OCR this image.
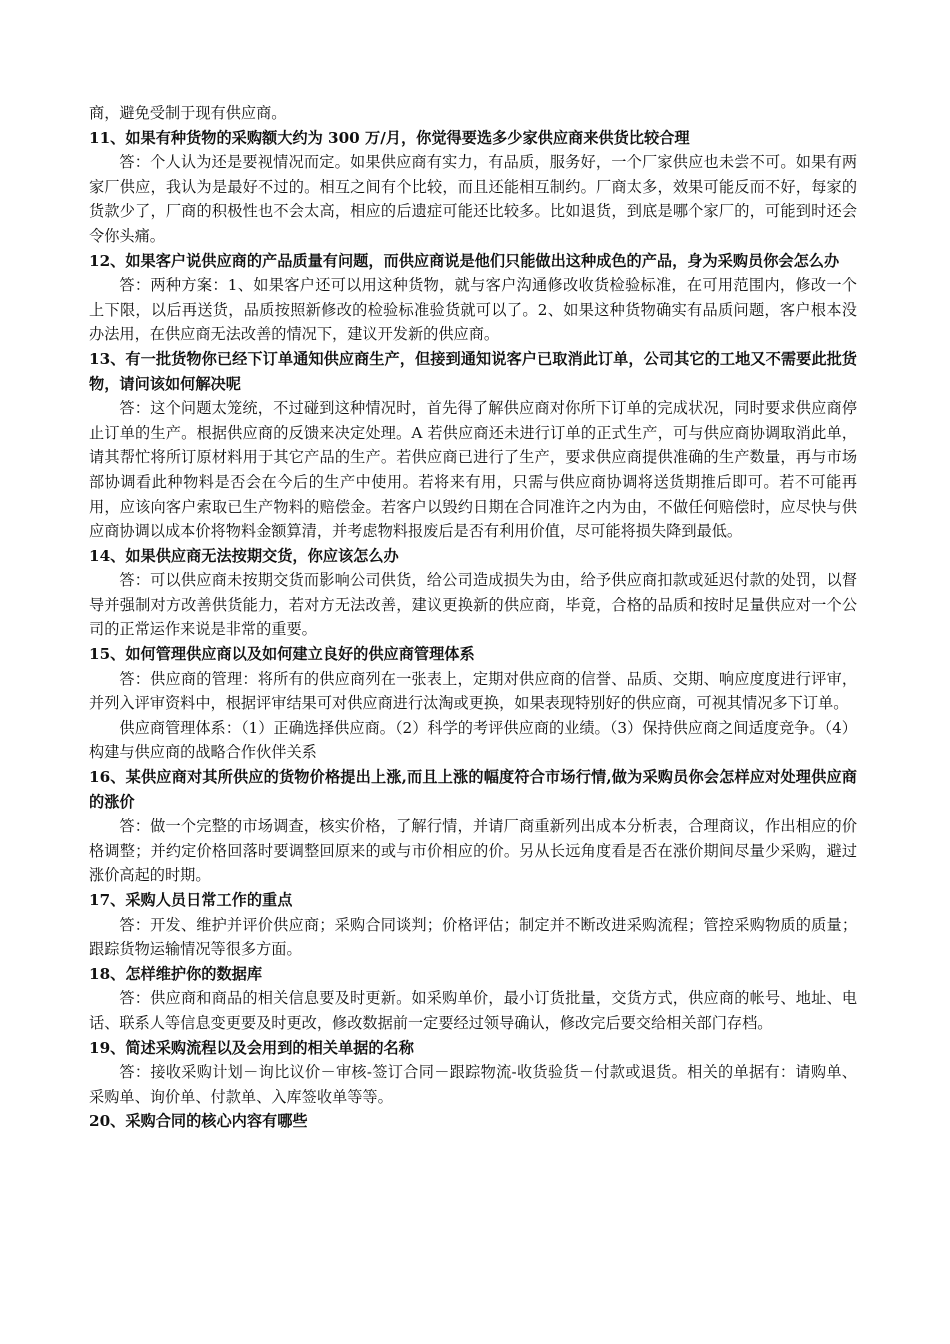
商，避免受制于现有供应商。

11、如果有种货物的采购额大约为 300 万/月，你觉得要选多少家供应商来供货比较合理

答：个人认为还是要视情况而定。如果供应商有实力，有品质，服务好，一个厂家供应也未尝不可。如果有两家厂供应，我认为是最好不过的。相互之间有个比较，而且还能相互制约。厂商太多，效果可能反而不好，每家的货款少了，厂商的积极性也不会太高，相应的后遗症可能还比较多。比如退货，到底是哪个家厂的，可能到时还会令你头痛。

12、如果客户说供应商的产品质量有问题，而供应商说是他们只能做出这种成色的产品，身为采购员你会怎么办

答：两种方案：1、如果客户还可以用这种货物，就与客户沟通修改收货检验标准，在可用范围内，修改一个上下限，以后再送货，品质按照新修改的检验标准验货就可以了。2、如果这种货物确实有品质问题，客户根本没办法用，在供应商无法改善的情况下，建议开发新的供应商。

13、有一批货物你已经下订单通知供应商生产，但接到通知说客户已取消此订单，公司其它的工地又不需要此批货物，请问该如何解决呢

答：这个问题太笼统，不过碰到这种情况时，首先得了解供应商对你所下订单的完成状况，同时要求供应商停止订单的生产。根据供应商的反馈来决定处理。A 若供应商还未进行订单的正式生产，可与供应商协调取消此单，请其帮忙将所订原材料用于其它产品的生产。若供应商已进行了生产，要求供应商提供准确的生产数量，再与市场部协调看此种物料是否会在今后的生产中使用。若将来有用，只需与供应商协调将送货期推后即可。若不可能再用，应该向客户索取已生产物料的赔偿金。若客户以毁约日期在合同准许之内为由，不做任何赔偿时，应尽快与供应商协调以成本价将物料金额算清，并考虑物料报废后是否有利用价值，尽可能将损失降到最低。

14、如果供应商无法按期交货，你应该怎么办

答：可以供应商未按期交货而影响公司供货，给公司造成损失为由，给予供应商扣款或延迟付款的处罚，以督导并强制对方改善供货能力，若对方无法改善，建议更换新的供应商，毕竟，合格的品质和按时足量供应对一个公司的正常运作来说是非常的重要。

15、如何管理供应商以及如何建立良好的供应商管理体系

答：供应商的管理：将所有的供应商列在一张表上，定期对供应商的信誉、品质、交期、响应度度进行评审，并列入评审资料中，根据评审结果可对供应商进行汰淘或更换，如果表现特别好的供应商，可视其情况多下订单。

供应商管理体系：（1）正确选择供应商。（2）科学的考评供应商的业绩。（3）保持供应商之间适度竞争。（4）构建与供应商的战略合作伙伴关系

16、某供应商对其所供应的货物价格提出上涨,而且上涨的幅度符合市场行情,做为采购员你会怎样应对处理供应商的涨价

答：做一个完整的市场调查，核实价格，了解行情，并请厂商重新列出成本分析表，合理商议，作出相应的价格调整；并约定价格回落时要调整回原来的或与市价相应的价。另从长远角度看是否在涨价期间尽量少采购，避过涨价高起的时期。

17、采购人员日常工作的重点

答：开发、维护并评价供应商；采购合同谈判；价格评估；制定并不断改进采购流程；管控采购物质的质量；跟踪货物运输情况等很多方面。

18、怎样维护你的数据库

答：供应商和商品的相关信息要及时更新。如采购单价，最小订货批量，交货方式，供应商的帐号、地址、电话、联系人等信息变更要及时更改，修改数据前一定要经过领导确认，修改完后要交给相关部门存档。

19、简述采购流程以及会用到的相关单据的名称

答：接收采购计划－询比议价－审核-签订合同－跟踪物流-收货验货－付款或退货。相关的单据有：请购单、采购单、询价单、付款单、入库签收单等等。

20、采购合同的核心内容有哪些
